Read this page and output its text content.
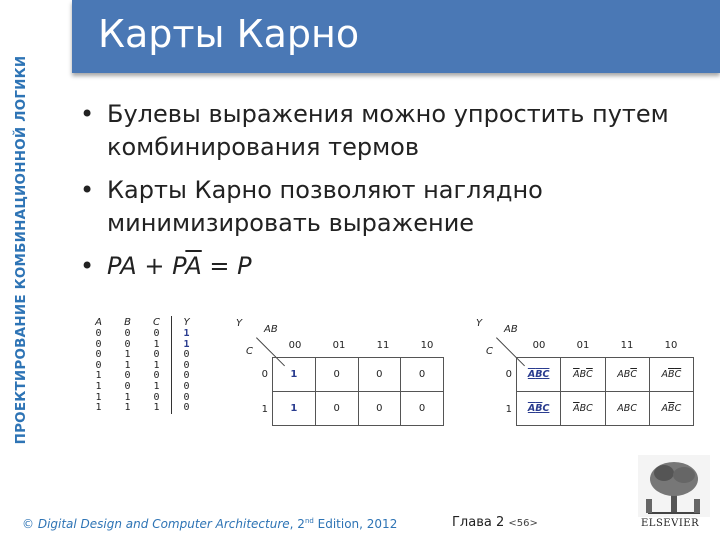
ПРОЕКТИРОВАНИЕ КОМБИНАЦИОННОЙ ЛОГИКИ
Карты Карно
• Булевы выражения можно упростить путем комбинирования термов
• Карты Карно позволяют наглядно минимизировать выражение
• PA + $P\overline{A} = P$
A	B	C	Y
0	0	0	1
0	0	1	1
0	1	0	0
0	1	1	0
1	0	0	0
1	0	1	0
1	1	0	0
1	1	1	0
Y
AB
C
00	01	11	10
0
1
1	0	0	0
1	0	0	0
Y
AB
C
00	01	11	10
0
1
ABC	$\overline{A}B\overline{C}$	$AB\overline{C}$	$A\overline{B}\overline{C}$
ABC	$\overline{A}BC$	ABC	$A\overline{B}C$
© Digital Design and Computer Architecture, 2nd Edition, 2012	Глава 2 <56>	ELSEVIER
